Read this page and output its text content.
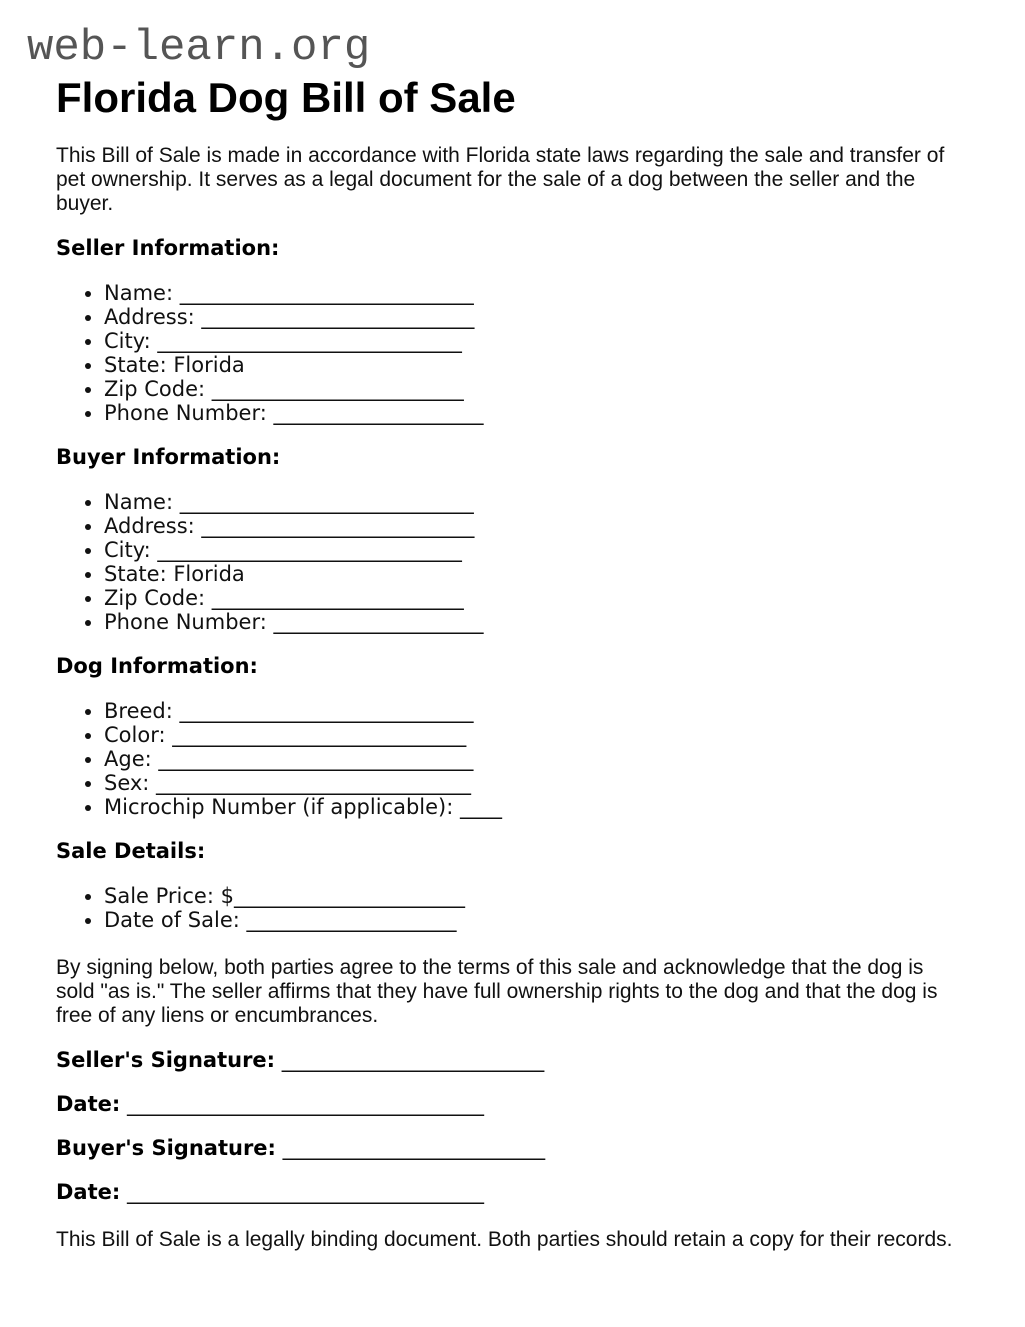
web-learn.org
Florida Dog Bill of Sale

This Bill of Sale is made in accordance with Florida state laws regarding the sale and transfer of pet ownership. It serves as a legal document for the sale of a dog between the seller and the buyer.

Seller Information:
• Name: ____________________________
• Address: __________________________
• City: _____________________________
• State: Florida
• Zip Code: ________________________
• Phone Number: ____________________
Buyer Information:
• Name: ____________________________
• Address: __________________________
• City: _____________________________
• State: Florida
• Zip Code: ________________________
• Phone Number: ____________________
Dog Information:
• Breed: ____________________________
• Color: ____________________________
• Age: ______________________________
• Sex: ______________________________
• Microchip Number (if applicable): ____
Sale Details:
• Sale Price: $______________________
• Date of Sale: ____________________

By signing below, both parties agree to the terms of this sale and acknowledge that the dog is sold "as is." The seller affirms that they have full ownership rights to the dog and that the dog is free of any liens or encumbrances.

Seller's Signature: _________________________

Date: __________________________________

Buyer's Signature: _________________________

Date: __________________________________

This Bill of Sale is a legally binding document. Both parties should retain a copy for their records.
